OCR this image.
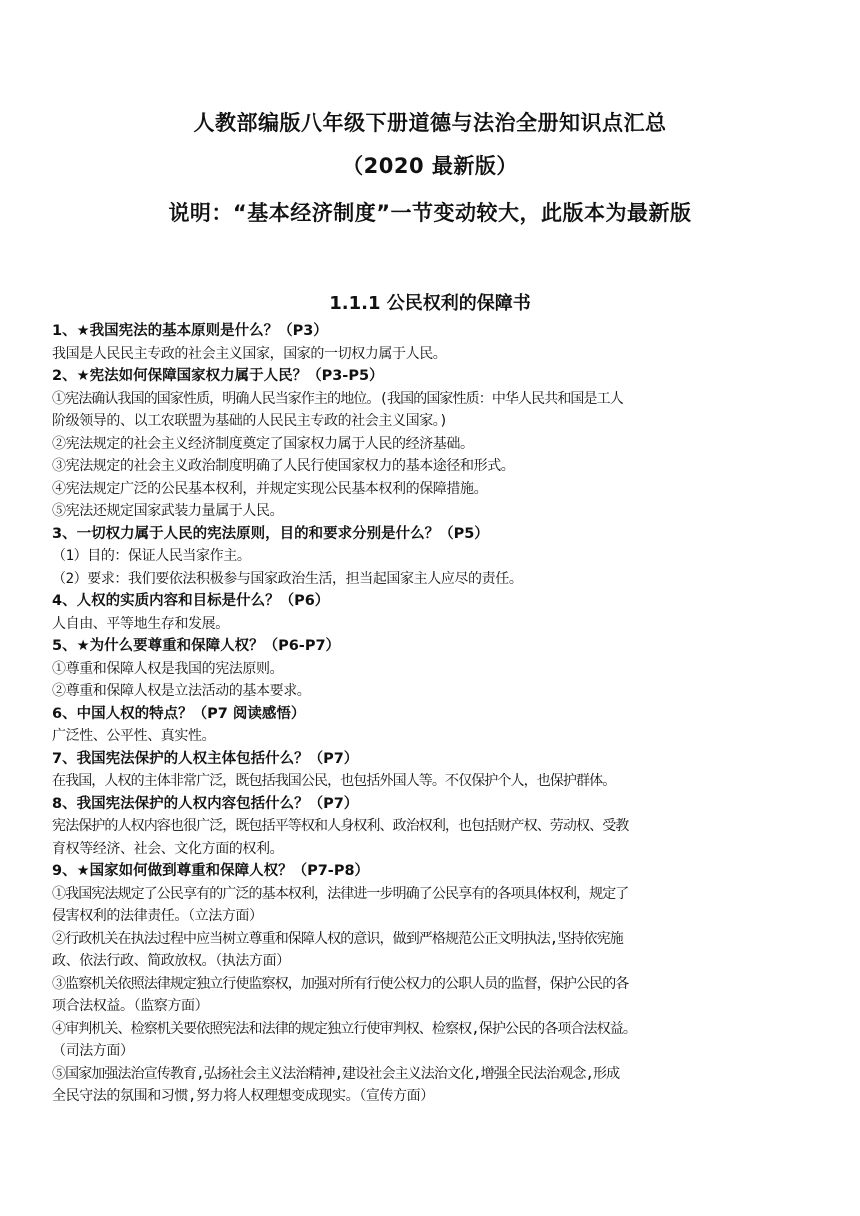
人教部编版八年级下册道德与法治全册知识点汇总
（2020 最新版）
说明：“基本经济制度”一节变动较大，此版本为最新版
1.1.1 公民权利的保障书
1、★我国宪法的基本原则是什么？（P3）
我国是人民民主专政的社会主义国家，国家的一切权力属于人民。
2、★宪法如何保障国家权力属于人民？（P3-P5）
①宪法确认我国的国家性质，明确人民当家作主的地位。(我国的国家性质：中华人民共和国是工人
阶级领导的、以工农联盟为基础的人民民主专政的社会主义国家。)
②宪法规定的社会主义经济制度奠定了国家权力属于人民的经济基础。
③宪法规定的社会主义政治制度明确了人民行使国家权力的基本途径和形式。
④宪法规定广泛的公民基本权利，并规定实现公民基本权利的保障措施。
⑤宪法还规定国家武装力量属于人民。
3、一切权力属于人民的宪法原则，目的和要求分别是什么？（P5）
（1）目的：保证人民当家作主。
（2）要求：我们要依法积极参与国家政治生活，担当起国家主人应尽的责任。
4、人权的实质内容和目标是什么？（P6）
人自由、平等地生存和发展。
5、★为什么要尊重和保障人权？（P6-P7）
①尊重和保障人权是我国的宪法原则。
②尊重和保障人权是立法活动的基本要求。
6、中国人权的特点？（P7 阅读感悟）
广泛性、公平性、真实性。
7、我国宪法保护的人权主体包括什么？（P7）
在我国，人权的主体非常广泛，既包括我国公民，也包括外国人等。不仅保护个人，也保护群体。
8、我国宪法保护的人权内容包括什么？（P7）
宪法保护的人权内容也很广泛，既包括平等权和人身权利、政治权利，也包括财产权、劳动权、受教
育权等经济、社会、文化方面的权利。
9、★国家如何做到尊重和保障人权？（P7-P8）
①我国宪法规定了公民享有的广泛的基本权利，法律进一步明确了公民享有的各项具体权利，规定了
侵害权利的法律责任。（立法方面）
②行政机关在执法过程中应当树立尊重和保障人权的意识，做到严格规范公正文明执法,坚持依宪施
政、依法行政、简政放权。（执法方面）
③监察机关依照法律规定独立行使监察权，加强对所有行使公权力的公职人员的监督，保护公民的各
项合法权益。（监察方面）
④审判机关、检察机关要依照宪法和法律的规定独立行使审判权、检察权,保护公民的各项合法权益。
（司法方面）
⑤国家加强法治宣传教育,弘扬社会主义法治精神,建设社会主义法治文化,增强全民法治观念,形成
全民守法的氛围和习惯,努力将人权理想变成现实。（宣传方面）
